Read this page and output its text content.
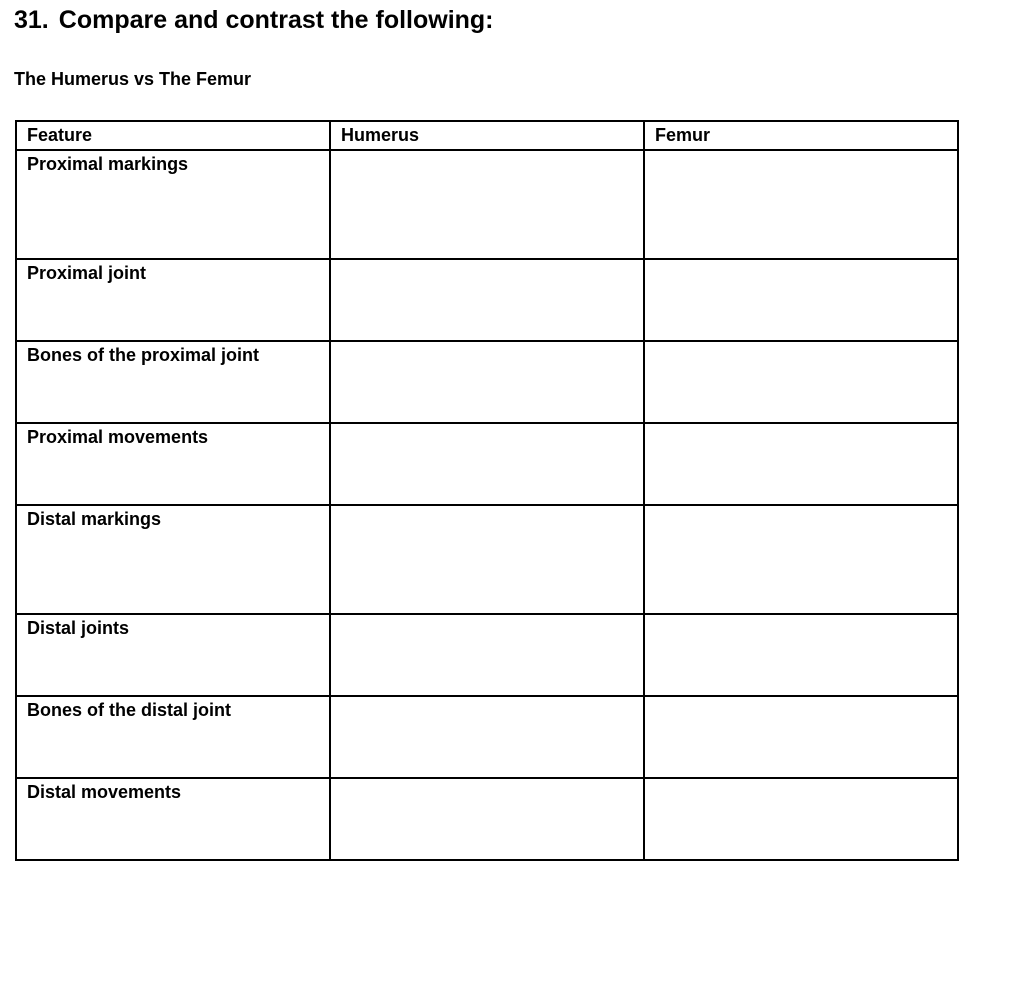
31. Compare and contrast the following:
The Humerus vs The Femur
Feature	Humerus	Femur
Proximal markings		
Proximal joint		
Bones of the proximal joint		
Proximal movements		
Distal markings		
Distal joints		
Bones of the distal joint		
Distal movements		
